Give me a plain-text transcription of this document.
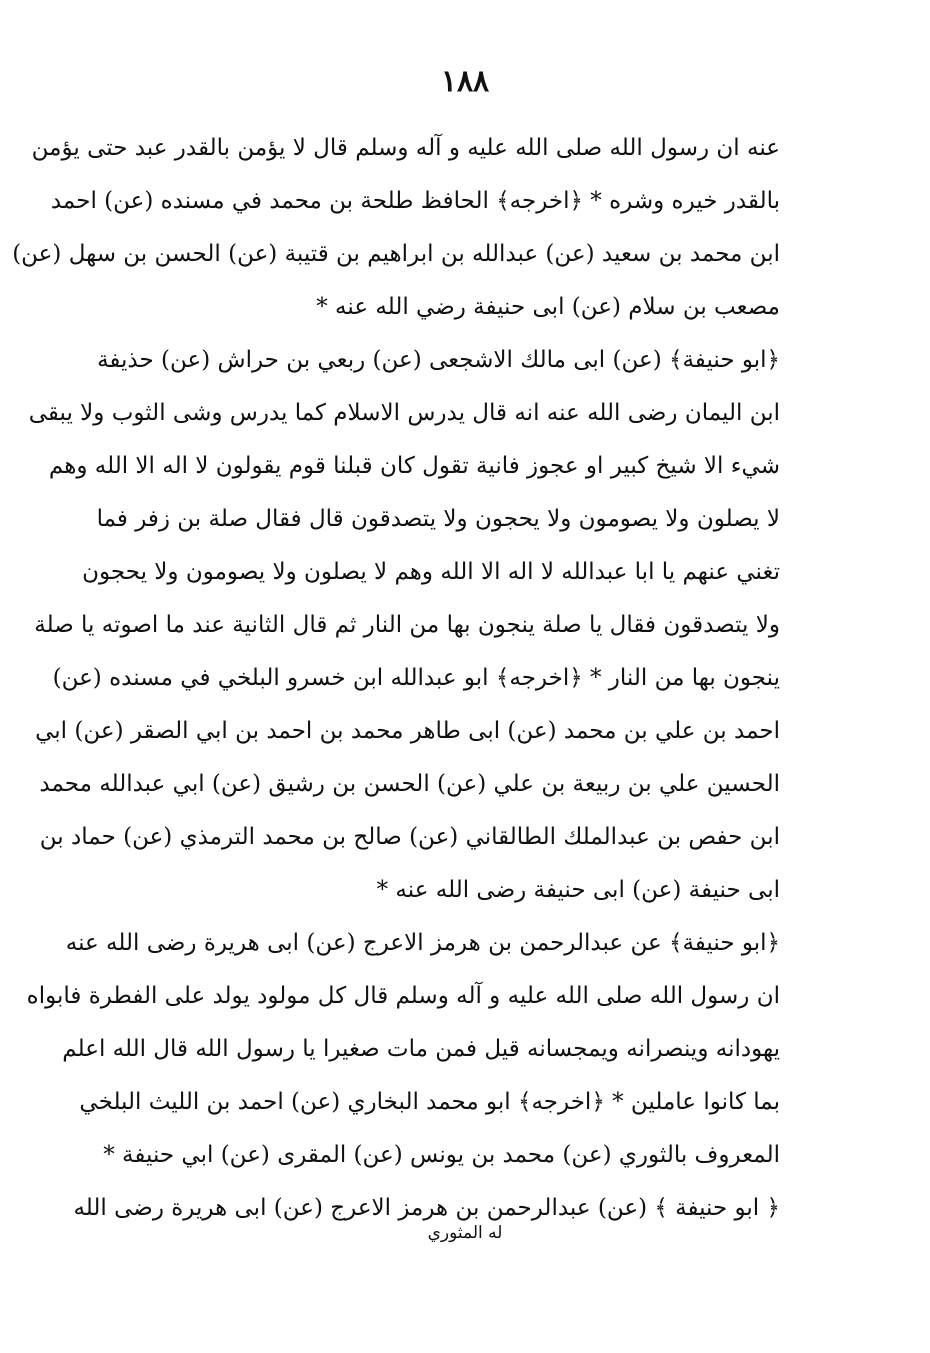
١٨٨
عنه ان رسول الله صلى الله عليه و آله وسلم قال لا يؤمن بالقدر عبد حتى يؤمن
بالقدر خيره وشره * ﴿اخرجه﴾ الحافظ طلحة بن محمد في مسنده (عن) احمد
ابن محمد بن سعيد (عن) عبدالله بن ابراهيم بن قتيبة (عن) الحسن بن سهل (عن)
مصعب بن سلام (عن) ابى حنيفة رضي الله عنه *
﴿ابو حنيفة﴾ (عن) ابى مالك الاشجعى (عن) ربعي بن حراش (عن) حذيفة
ابن اليمان رضى الله عنه انه قال يدرس الاسلام كما يدرس وشى الثوب ولا يبقى
شيء الا شيخ كبير او عجوز فانية تقول كان قبلنا قوم يقولون لا اله الا الله وهم
لا يصلون ولا يصومون ولا يحجون ولا يتصدقون قال فقال صلة بن زفر فما
تغني عنهم يا ابا عبدالله لا اله الا الله وهم لا يصلون ولا يصومون ولا يحجون
ولا يتصدقون فقال يا صلة ينجون بها من النار ثم قال الثانية عند ما اصوته يا صلة
ينجون بها من النار * ﴿اخرجه﴾ ابو عبدالله ابن خسرو البلخي في مسنده (عن)
احمد بن علي بن محمد (عن) ابى طاهر محمد بن احمد بن ابي الصقر (عن) ابي
الحسين علي بن ربيعة بن علي (عن) الحسن بن رشيق (عن) ابي عبدالله محمد
ابن حفص بن عبدالملك الطالقاني (عن) صالح بن محمد الترمذي (عن) حماد بن
ابى حنيفة (عن) ابى حنيفة رضى الله عنه *
﴿ابو حنيفة﴾ عن عبدالرحمن بن هرمز الاعرج (عن) ابى هريرة رضى الله عنه
ان رسول الله صلى الله عليه و آله وسلم قال كل مولود يولد على الفطرة فابواه
يهودانه وينصرانه ويمجسانه قيل فمن مات صغيرا يا رسول الله قال الله اعلم
بما كانوا عاملين * ﴿اخرجه﴾ ابو محمد البخاري (عن) احمد بن الليث البلخي
المعروف بالثوري (عن) محمد بن يونس (عن) المقرى (عن) ابي حنيفة *
﴿ ابو حنيفة ﴾ (عن) عبدالرحمن بن هرمز الاعرج (عن) ابى هريرة رضى الله
له المثوري
